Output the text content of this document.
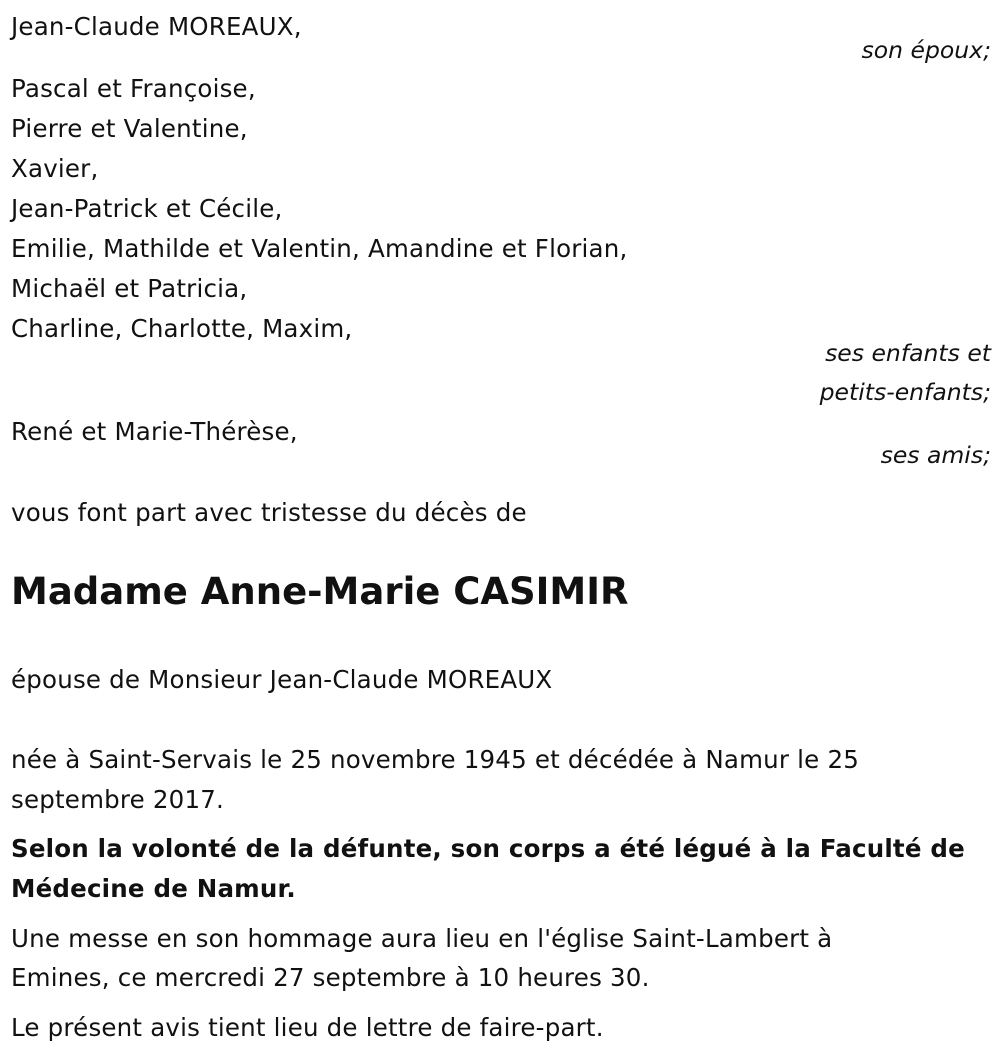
Jean-Claude MOREAUX,
son époux;
Pascal et Françoise,
Pierre et Valentine,
Xavier,
Jean-Patrick et Cécile,
Emilie, Mathilde et Valentin, Amandine et Florian,
Michaël et Patricia,
Charline, Charlotte, Maxim,
ses enfants et
petits-enfants;
René et Marie-Thérèse,
ses amis;
vous font part avec tristesse du décès de
Madame Anne-Marie CASIMIR
épouse de Monsieur Jean-Claude MOREAUX
née à Saint-Servais le 25 novembre 1945 et décédée à Namur le 25
septembre 2017.
Selon la volonté de la défunte, son corps a été légué à la Faculté de
Médecine de Namur.
Une messe en son hommage aura lieu en l'église Saint-Lambert à
Emines, ce mercredi 27 septembre à 10 heures 30.
Le présent avis tient lieu de lettre de faire-part.
